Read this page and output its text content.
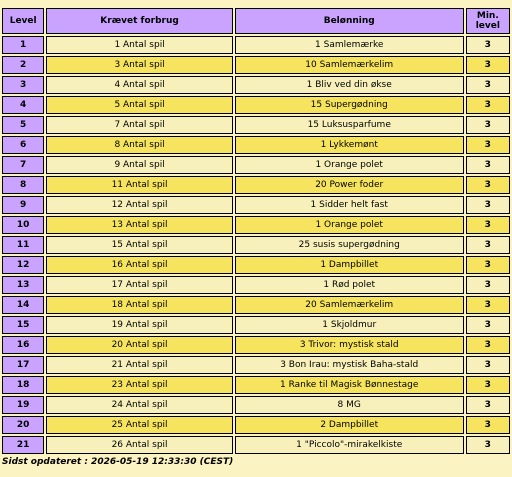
Level	Krævet forbrug	Belønning	Min. level
1	1 Antal spil	1 Samlemærke	3
2	3 Antal spil	10 Samlemærkelim	3
3	4 Antal spil	1 Bliv ved din økse	3
4	5 Antal spil	15 Supergødning	3
5	7 Antal spil	15 Luksusparfume	3
6	8 Antal spil	1 Lykkemønt	3
7	9 Antal spil	1 Orange polet	3
8	11 Antal spil	20 Power foder	3
9	12 Antal spil	1 Sidder helt fast	3
10	13 Antal spil	1 Orange polet	3
11	15 Antal spil	25 susis supergødning	3
12	16 Antal spil	1 Dampbillet	3
13	17 Antal spil	1 Rød polet	3
14	18 Antal spil	20 Samlemærkelim	3
15	19 Antal spil	1 Skjoldmur	3
16	20 Antal spil	3 Trivor: mystisk stald	3
17	21 Antal spil	3 Bon Irau: mystisk Baha-stald	3
18	23 Antal spil	1 Ranke til Magisk Bønnestage	3
19	24 Antal spil	8 MG	3
20	25 Antal spil	2 Dampbillet	3
21	26 Antal spil	1 "Piccolo"-mirakelkiste	3
Sidst opdateret : 2026-05-19 12:33:30 (CEST)
